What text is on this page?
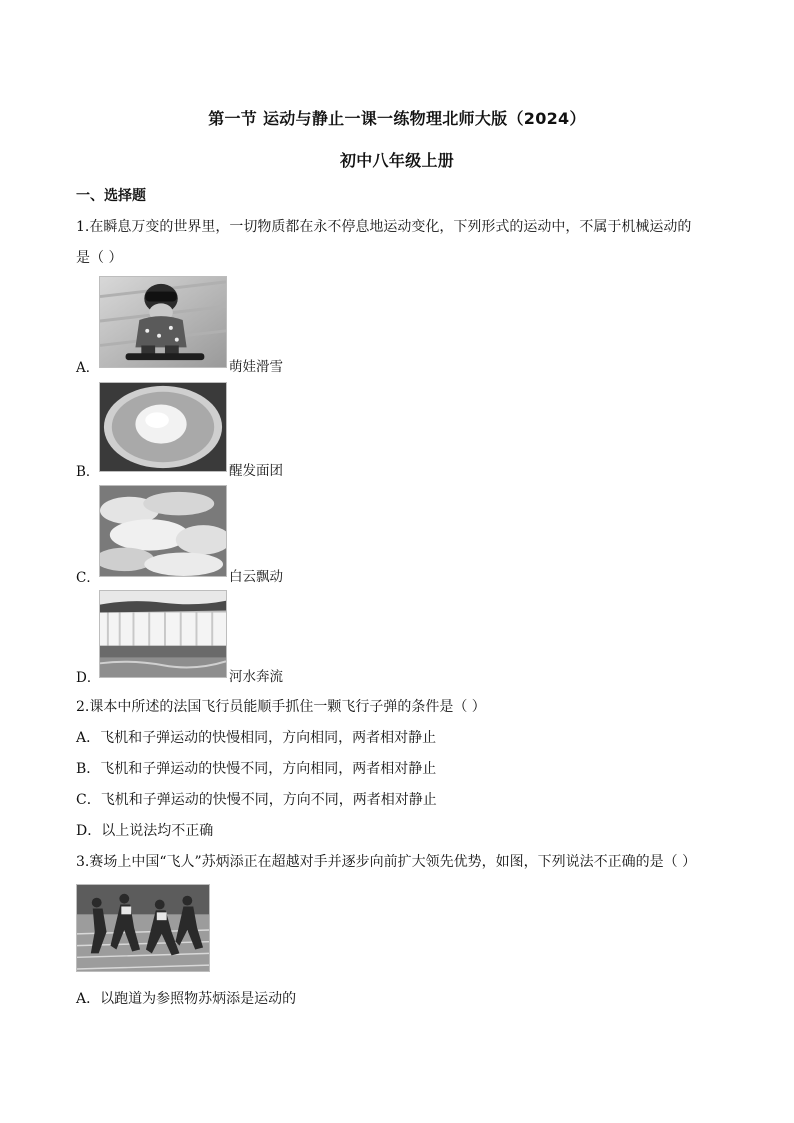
第一节 运动与静止一课一练物理北师大版（2024）
初中八年级上册
一、选择题
1.在瞬息万变的世界里，一切物质都在永不停息地运动变化，下列形式的运动中，不属于机械运动的
是（ ）
A．	萌娃滑雪
B．	醒发面团
C．	白云飘动
D．	河水奔流
2.课本中所述的法国飞行员能顺手抓住一颗飞行子弹的条件是（ ）
A．飞机和子弹运动的快慢相同，方向相同，两者相对静止
B．飞机和子弹运动的快慢不同，方向相同，两者相对静止
C．飞机和子弹运动的快慢不同，方向不同，两者相对静止
D．以上说法均不正确
3.赛场上中国“飞人”苏炳添正在超越对手并逐步向前扩大领先优势，如图，下列说法不正确的是（ ）
A．以跑道为参照物苏炳添是运动的
